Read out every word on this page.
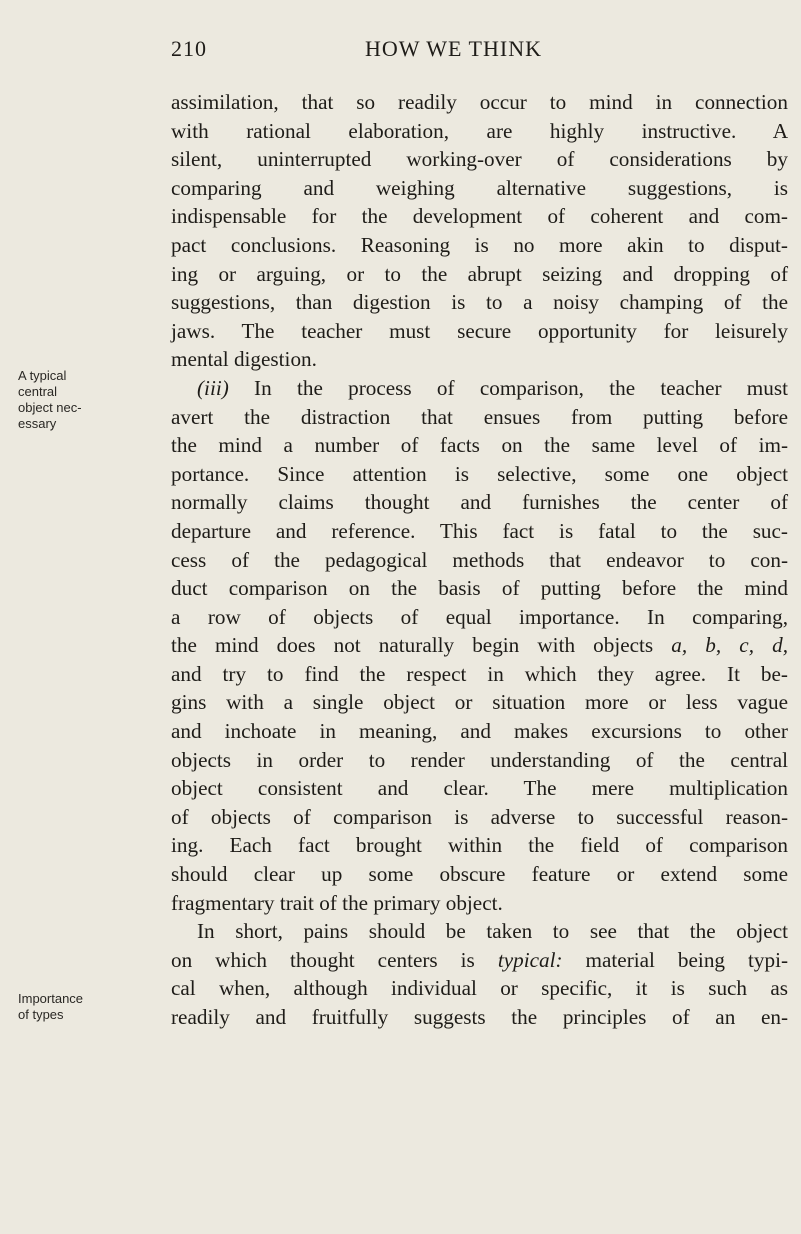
210	HOW WE THINK
A typical
central
object nec-
essary
Importance
of types
assimilation, that so readily occur to mind in connection
with rational elaboration, are highly instructive. A
silent, uninterrupted working-over of considerations by
comparing and weighing alternative suggestions, is
indispensable for the development of coherent and com-
pact conclusions. Reasoning is no more akin to disput-
ing or arguing, or to the abrupt seizing and dropping of
suggestions, than digestion is to a noisy champing of the
jaws. The teacher must secure opportunity for leisurely
mental digestion.
(iii) In the process of comparison, the teacher must
avert the distraction that ensues from putting before
the mind a number of facts on the same level of im-
portance. Since attention is selective, some one object
normally claims thought and furnishes the center of
departure and reference. This fact is fatal to the suc-
cess of the pedagogical methods that endeavor to con-
duct comparison on the basis of putting before the mind
a row of objects of equal importance. In comparing,
the mind does not naturally begin with objects a, b, c, d,
and try to find the respect in which they agree. It be-
gins with a single object or situation more or less vague
and inchoate in meaning, and makes excursions to other
objects in order to render understanding of the central
object consistent and clear. The mere multiplication
of objects of comparison is adverse to successful reason-
ing. Each fact brought within the field of comparison
should clear up some obscure feature or extend some
fragmentary trait of the primary object.
In short, pains should be taken to see that the object
on which thought centers is typical: material being typi-
cal when, although individual or specific, it is such as
readily and fruitfully suggests the principles of an en-
